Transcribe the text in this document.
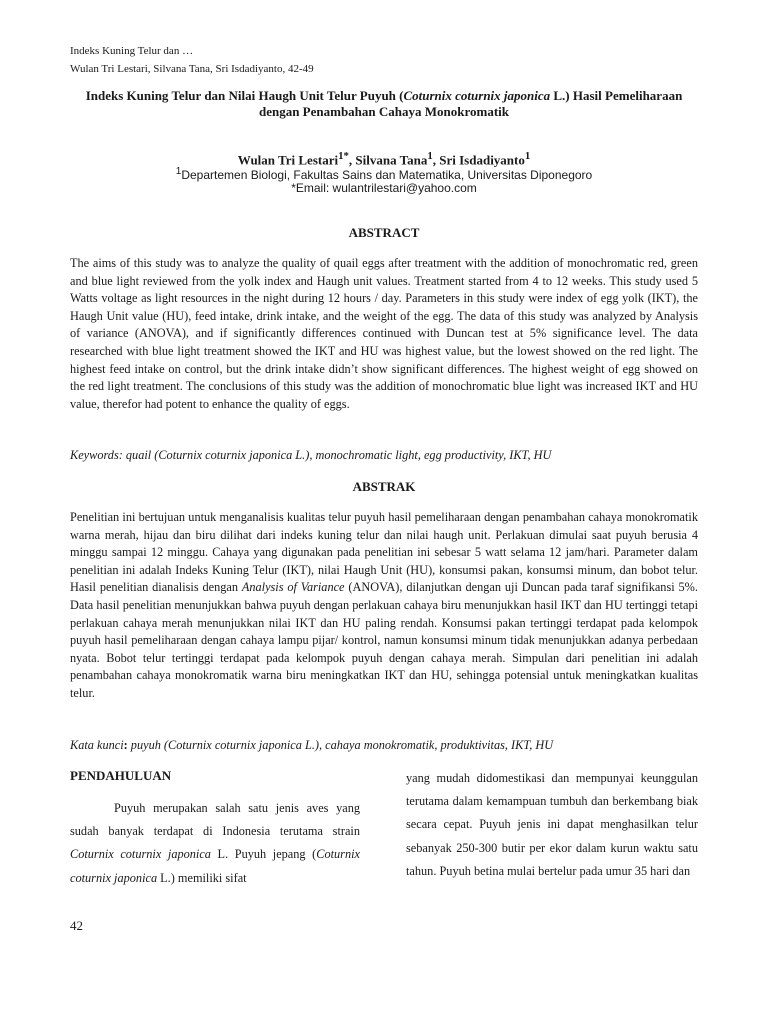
Indeks Kuning Telur dan …
Wulan Tri Lestari, Silvana Tana, Sri Isdadiyanto, 42-49
Indeks Kuning Telur dan Nilai Haugh Unit Telur Puyuh (Coturnix coturnix japonica L.) Hasil Pemeliharaan dengan Penambahan Cahaya Monokromatik
Wulan Tri Lestari$^{1*}$, Silvana Tana$^1$, Sri Isdadiyanto$^1$
$^1$Departemen Biologi, Fakultas Sains dan Matematika, Universitas Diponegoro
*Email: wulantrilestari@yahoo.com
ABSTRACT
The aims of this study was to analyze the quality of quail eggs after treatment with the addition of monochromatic red, green and blue light reviewed from the yolk index and Haugh unit values. Treatment started from 4 to 12 weeks. This study used 5 Watts voltage as light resources in the night during 12 hours / day. Parameters in this study were index of egg yolk (IKT), the Haugh Unit value (HU), feed intake, drink intake, and the weight of the egg. The data of this study was analyzed by Analysis of variance (ANOVA), and if significantly differences continued with Duncan test at 5% significance level. The data researched with blue light treatment showed the IKT and HU was highest value, but the lowest showed on the red light. The highest feed intake on control, but the drink intake didn’t show significant differences. The highest weight of egg showed on the red light treatment. The conclusions of this study was the addition of monochromatic blue light was increased IKT and HU value, therefor had potent to enhance the quality of eggs.
Keywords: quail (Coturnix coturnix japonica L.), monochromatic light, egg productivity, IKT, HU
ABSTRAK
Penelitian ini bertujuan untuk menganalisis kualitas telur puyuh hasil pemeliharaan dengan penambahan cahaya monokromatik warna merah, hijau dan biru dilihat dari indeks kuning telur dan nilai haugh unit. Perlakuan dimulai saat puyuh berusia 4 minggu sampai 12 minggu. Cahaya yang digunakan pada penelitian ini sebesar 5 watt selama 12 jam/hari. Parameter dalam penelitian ini adalah Indeks Kuning Telur (IKT), nilai Haugh Unit (HU), konsumsi pakan, konsumsi minum, dan bobot telur. Hasil penelitian dianalisis dengan Analysis of Variance (ANOVA), dilanjutkan dengan uji Duncan pada taraf signifikansi 5%. Data hasil penelitian menunjukkan bahwa puyuh dengan perlakuan cahaya biru menunjukkan hasil IKT dan HU tertinggi tetapi perlakuan cahaya merah menunjukkan nilai IKT dan HU paling rendah. Konsumsi pakan tertinggi terdapat pada kelompok puyuh hasil pemeliharaan dengan cahaya lampu pijar/ kontrol, namun konsumsi minum tidak menunjukkan adanya perbedaan nyata. Bobot telur tertinggi terdapat pada kelompok puyuh dengan cahaya merah. Simpulan dari penelitian ini adalah penambahan cahaya monokromatik warna biru meningkatkan IKT dan HU, sehingga potensial untuk meningkatkan kualitas telur.
Kata kunci: puyuh (Coturnix coturnix japonica L.), cahaya monokromatik, produktivitas, IKT, HU
PENDAHULUAN
Puyuh merupakan salah satu jenis aves yang sudah banyak terdapat di Indonesia terutama strain Coturnix coturnix japonica L. Puyuh jepang (Coturnix coturnix japonica L.) memiliki sifat
yang mudah didomestikasi dan mempunyai keunggulan terutama dalam kemampuan tumbuh dan berkembang biak secara cepat. Puyuh jenis ini dapat menghasilkan telur sebanyak 250-300 butir per ekor dalam kurun waktu satu tahun. Puyuh betina mulai bertelur pada umur 35 hari dan
42
